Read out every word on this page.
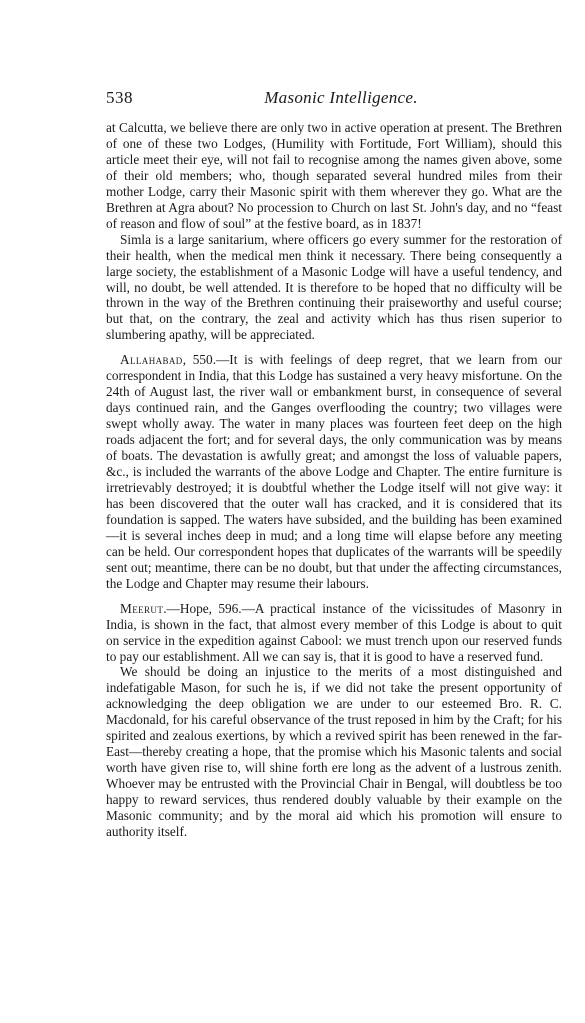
538	Masonic Intelligence.

at Calcutta, we believe there are only two in active operation at present. The Brethren of one of these two Lodges, (Humility with Fortitude, Fort William), should this article meet their eye, will not fail to recognise among the names given above, some of their old members; who, though separated several hundred miles from their mother Lodge, carry their Masonic spirit with them wherever they go. What are the Brethren at Agra about? No procession to Church on last St. John's day, and no “feast of reason and flow of soul” at the festive board, as in 1837!

Simla is a large sanitarium, where officers go every summer for the restoration of their health, when the medical men think it necessary. There being consequently a large society, the establishment of a Masonic Lodge will have a useful tendency, and will, no doubt, be well attended. It is therefore to be hoped that no difficulty will be thrown in the way of the Brethren continuing their praiseworthy and useful course; but that, on the contrary, the zeal and activity which has thus risen superior to slumbering apathy, will be appreciated.

Allahabad, 550.—It is with feelings of deep regret, that we learn from our correspondent in India, that this Lodge has sustained a very heavy misfortune. On the 24th of August last, the river wall or embankment burst, in consequence of several days continued rain, and the Ganges overflooding the country; two villages were swept wholly away. The water in many places was fourteen feet deep on the high roads adjacent the fort; and for several days, the only communication was by means of boats. The devastation is awfully great; and amongst the loss of valuable papers, &c., is included the warrants of the above Lodge and Chapter. The entire furniture is irretrievably destroyed; it is doubtful whether the Lodge itself will not give way: it has been discovered that the outer wall has cracked, and it is considered that its foundation is sapped. The waters have subsided, and the building has been examined—it is several inches deep in mud; and a long time will elapse before any meeting can be held. Our correspondent hopes that duplicates of the warrants will be speedily sent out; meantime, there can be no doubt, but that under the affecting circumstances, the Lodge and Chapter may resume their labours.

Meerut.—Hope, 596.—A practical instance of the vicissitudes of Masonry in India, is shown in the fact, that almost every member of this Lodge is about to quit on service in the expedition against Cabool: we must trench upon our reserved funds to pay our establishment. All we can say is, that it is good to have a reserved fund.

We should be doing an injustice to the merits of a most distinguished and indefatigable Mason, for such he is, if we did not take the present opportunity of acknowledging the deep obligation we are under to our esteemed Bro. R. C. Macdonald, for his careful observance of the trust reposed in him by the Craft; for his spirited and zealous exertions, by which a revived spirit has been renewed in the far-East—thereby creating a hope, that the promise which his Masonic talents and social worth have given rise to, will shine forth ere long as the advent of a lustrous zenith. Whoever may be entrusted with the Provincial Chair in Bengal, will doubtless be too happy to reward services, thus rendered doubly valuable by their example on the Masonic community; and by the moral aid which his promotion will ensure to authority itself.
